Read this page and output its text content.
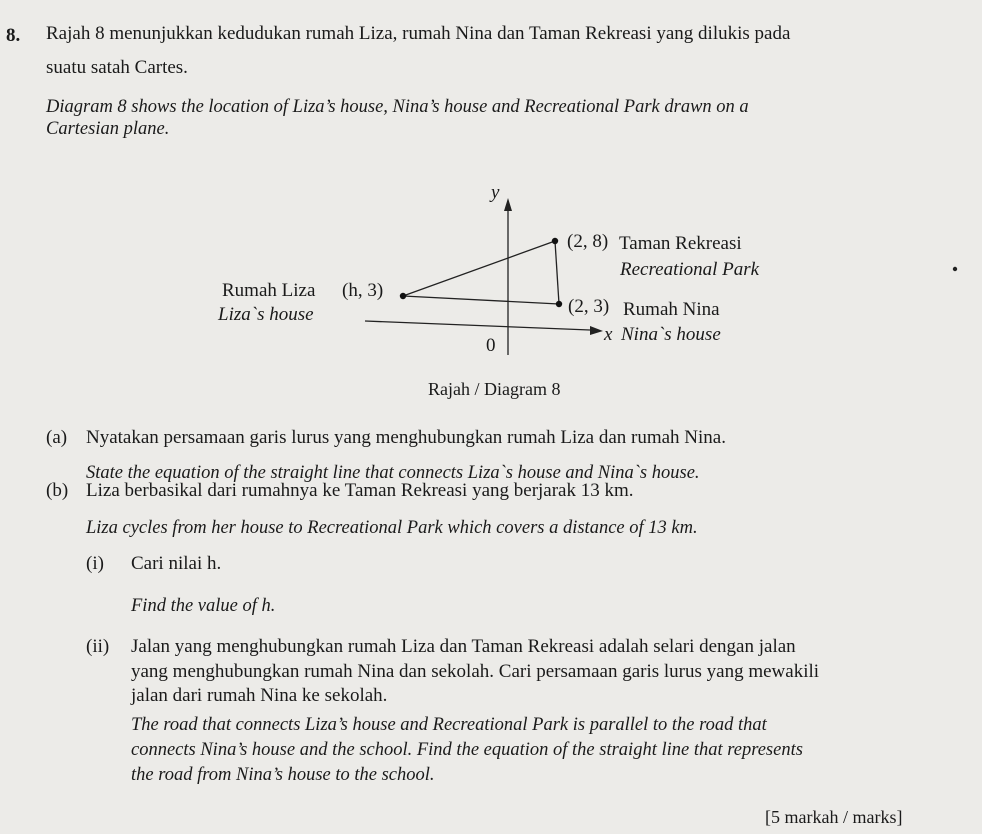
8. Rajah 8 menunjukkan kedudukan rumah Liza, rumah Nina dan Taman Rekreasi yang dilukis pada
suatu satah Cartes.
Diagram 8 shows the location of Liza’s house, Nina’s house and Recreational Park drawn on a
Cartesian plane.
y
0
(2, 8) Taman Rekreasi
Recreational Park
Rumah Liza (h, 3)
Liza`s house	(2, 3) Rumah Nina
x Nina`s house
Rajah / Diagram 8
(a) Nyatakan persamaan garis lurus yang menghubungkan rumah Liza dan rumah Nina.
State the equation of the straight line that connects Liza`s house and Nina`s house.
(b) Liza berbasikal dari rumahnya ke Taman Rekreasi yang berjarak 13 km.
Liza cycles from her house to Recreational Park which covers a distance of 13 km.
(i) Cari nilai h.
Find the value of h.
(ii) Jalan yang menghubungkan rumah Liza dan Taman Rekreasi adalah selari dengan jalan
yang menghubungkan rumah Nina dan sekolah. Cari persamaan garis lurus yang mewakili
jalan dari rumah Nina ke sekolah.
The road that connects Liza’s house and Recreational Park is parallel to the road that
connects Nina’s house and the school. Find the equation of the straight line that represents
the road from Nina’s house to the school.
[5 markah / marks]
